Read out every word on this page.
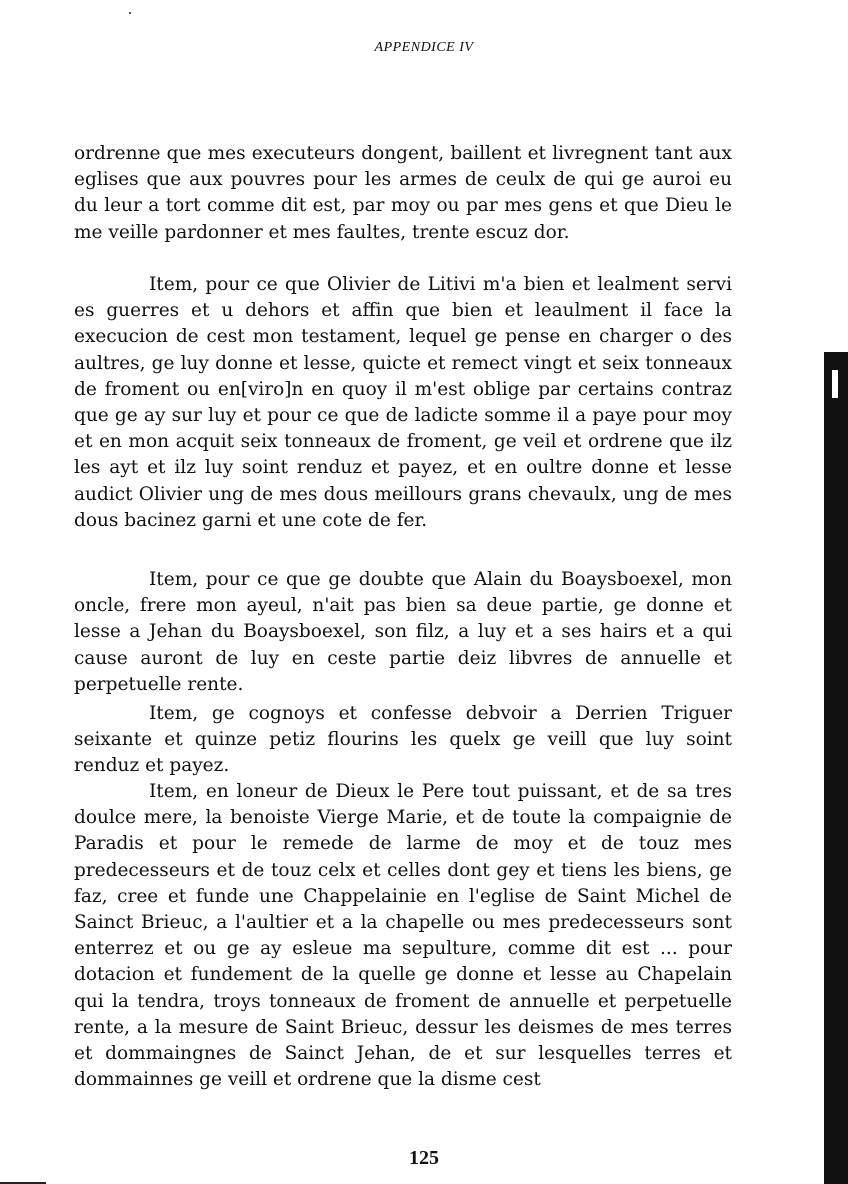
APPENDICE IV

ordrenne que mes executeurs dongent, baillent et livregnent tant aux eglises que aux pouvres pour les armes de ceulx de qui ge auroi eu du leur a tort comme dit est, par moy ou par mes gens et que Dieu le me veille pardonner et mes faultes, trente escuz dor.

Item, pour ce que Olivier de Litivi m'a bien et lealment servi es guerres et u dehors et affin que bien et leaulment il face la execucion de cest mon testament, lequel ge pense en charger o des aultres, ge luy donne et lesse, quicte et remect vingt et seix tonneaux de froment ou en[viro]n en quoy il m'est oblige par certains contraz que ge ay sur luy et pour ce que de ladicte somme il a paye pour moy et en mon acquit seix tonneaux de froment, ge veil et ordrene que ilz les ayt et ilz luy soint renduz et payez, et en oultre donne et lesse audict Olivier ung de mes dous meillours grans chevaulx, ung de mes dous bacinez garni et une cote de fer.

Item, pour ce que ge doubte que Alain du Boaysboexel, mon oncle, frere mon ayeul, n'ait pas bien sa deue partie, ge donne et lesse a Jehan du Boaysboexel, son filz, a luy et a ses hairs et a qui cause auront de luy en ceste partie deiz libvres de annuelle et perpetuelle rente.

Item, ge cognoys et confesse debvoir a Derrien Triguer seixante et quinze petiz flourins les quelx ge veill que luy soint renduz et payez.

Item, en loneur de Dieux le Pere tout puissant, et de sa tres doulce mere, la benoiste Vierge Marie, et de toute la compaignie de Paradis et pour le remede de larme de moy et de touz mes predecesseurs et de touz celx et celles dont gey et tiens les biens, ge faz, cree et funde une Chappelainie en l'eglise de Saint Michel de Sainct Brieuc, a l'aultier et a la chapelle ou mes predecesseurs sont enterrez et ou ge ay esleue ma sepulture, comme dit est ... pour dotacion et fundement de la quelle ge donne et lesse au Chapelain qui la tendra, troys tonneaux de froment de annuelle et perpetuelle rente, a la mesure de Saint Brieuc, dessur les deismes de mes terres et dommaingnes de Sainct Jehan, de et sur lesquelles terres et dommainnes ge veill et ordrene que la disme cest

125
